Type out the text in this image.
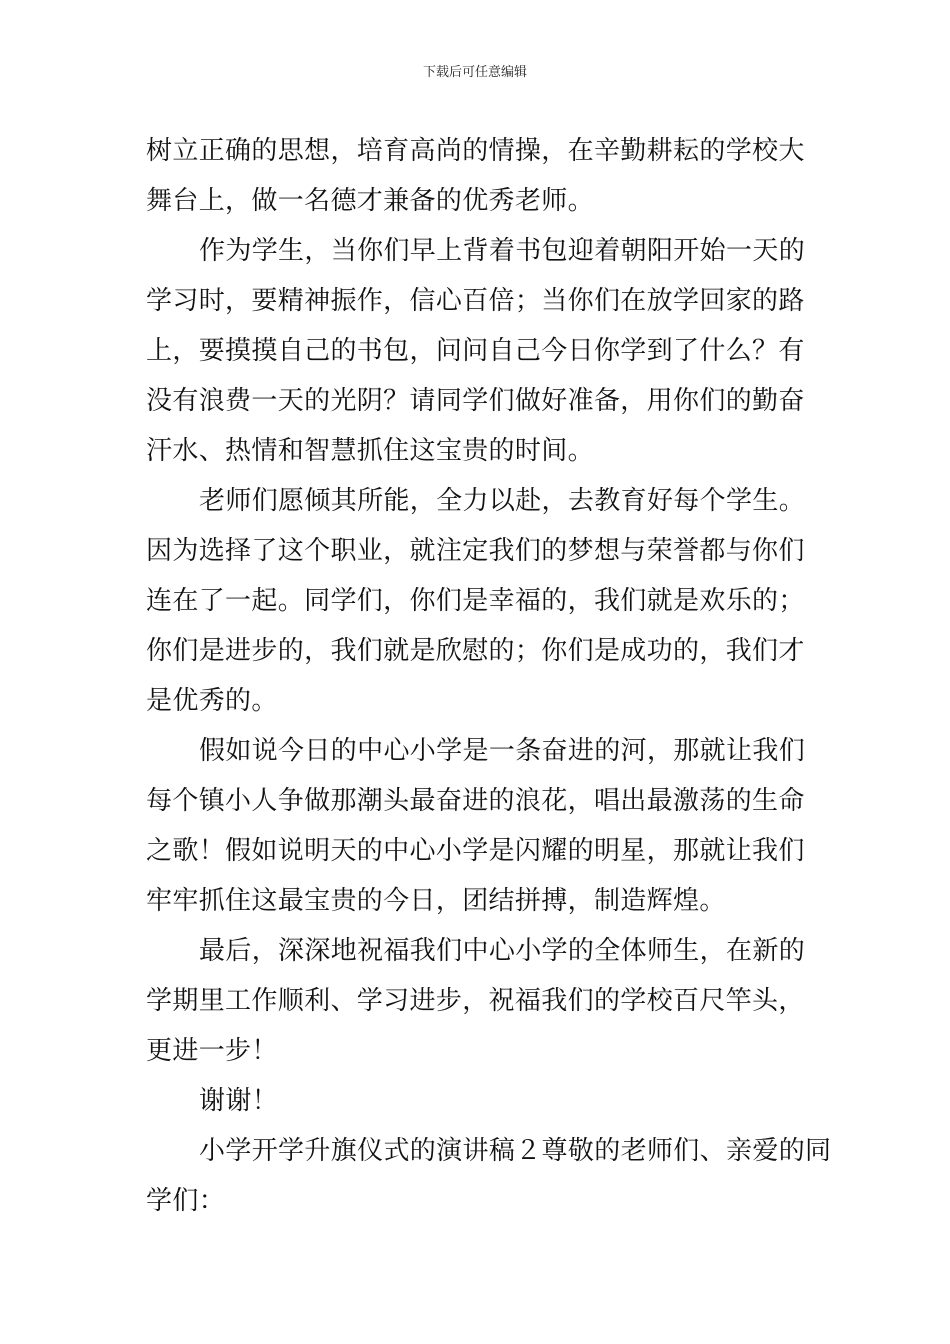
下载后可任意编辑
树立正确的思想，培育高尚的情操，在辛勤耕耘的学校大
舞台上，做一名德才兼备的优秀老师。
作为学生，当你们早上背着书包迎着朝阳开始一天的
学习时，要精神振作，信心百倍；当你们在放学回家的路
上，要摸摸自己的书包，问问自己今日你学到了什么？有
没有浪费一天的光阴？请同学们做好准备，用你们的勤奋
汗水、热情和智慧抓住这宝贵的时间。
老师们愿倾其所能，全力以赴，去教育好每个学生。
因为选择了这个职业，就注定我们的梦想与荣誉都与你们
连在了一起。同学们，你们是幸福的，我们就是欢乐的；
你们是进步的，我们就是欣慰的；你们是成功的，我们才
是优秀的。
假如说今日的中心小学是一条奋进的河，那就让我们
每个镇小人争做那潮头最奋进的浪花，唱出最激荡的生命
之歌！假如说明天的中心小学是闪耀的明星，那就让我们
牢牢抓住这最宝贵的今日，团结拼搏，制造辉煌。
最后，深深地祝福我们中心小学的全体师生，在新的
学期里工作顺利、学习进步，祝福我们的学校百尺竿头，
更进一步！
谢谢！
小学开学升旗仪式的演讲稿２尊敬的老师们、亲爱的同
学们：
